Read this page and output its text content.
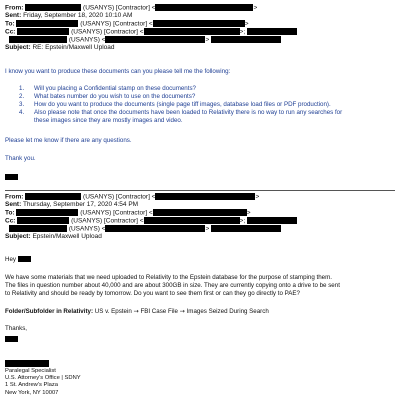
From:	(USANYS) [Contractor] <	>
Sent: Friday, September 18, 2020 10:10 AM
To:	(USANYS) [Contractor] <	>
Cc:	(USANYS) [Contractor] <	>;
(USANYS) <	>
Subject: RE: Epstein/Maxwell Upload
I know you want to produce these documents can you please tell me the following:
1. Will you placing a Confidential stamp on these documents?
2. What bates number do you wish to use on the documents?
3. How do you want to produce the documents (single page tiff images, database load files or PDF production).
4. Also please note that once the documents have been loaded to Relativity there is no way to run any searches for
these images since they are mostly images and video.
Please let me know if there are any questions.
Thank you.
From:	(USANYS) [Contractor] <	>
Sent: Thursday, September 17, 2020 4:54 PM
To:	(USANYS) [Contractor] <	>
Cc:	(USANYS) [Contractor] <	>;
(USANYS) <	>
Subject: Epstein/Maxwell Upload
Hey
We have some materials that we need uploaded to Relativity to the Epstein database for the purpose of stamping them.
The files in question number about 40,000 and are about 300GB in size. They are currently copying onto a drive to be sent
to Relativity and should be ready by tomorrow. Do you want to see them first or can they go directly to PAE?
Folder/Subfolder in Relativity: US v. Epstein → FBI Case File → Images Seized During Search
Thanks,
Paralegal Specialist
U.S. Attorney's Office | SDNY
1 St. Andrew's Plaza
New York, NY 10007
